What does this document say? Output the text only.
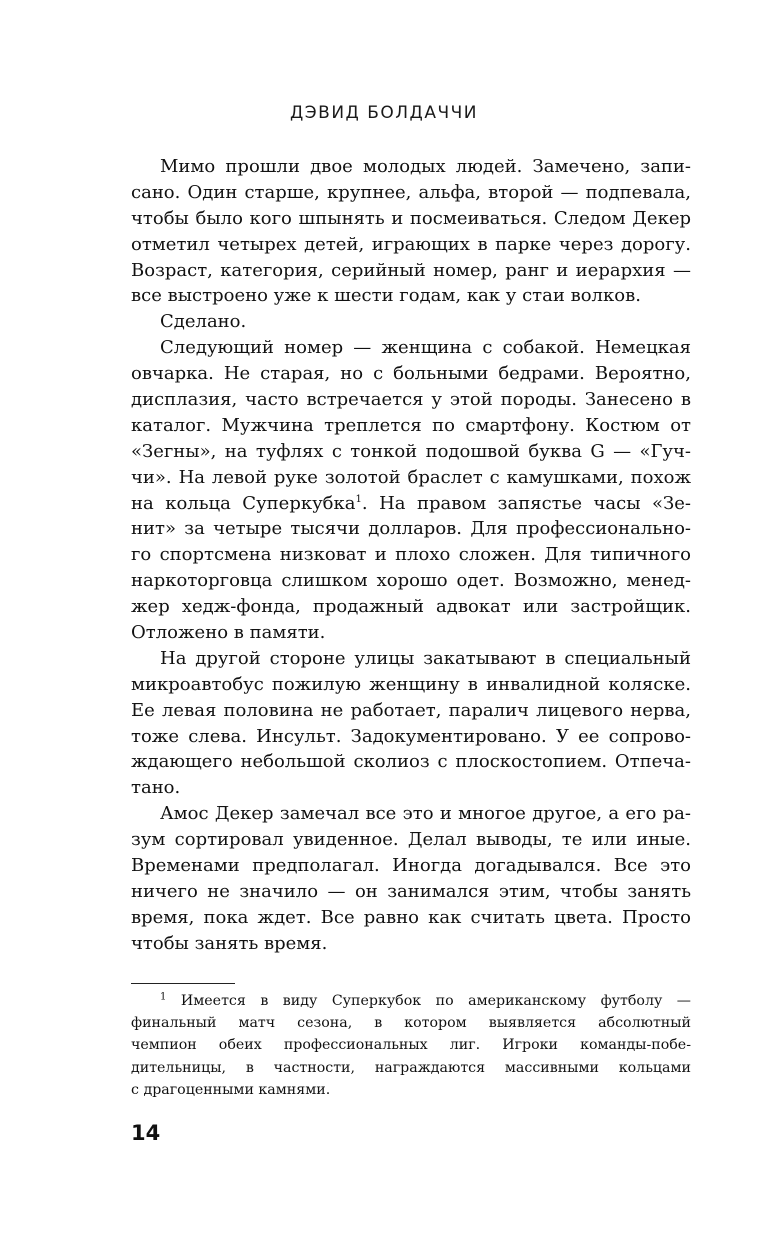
ДЭВИД БОЛДАЧЧИ
Мимо прошли двое молодых людей. Замечено, запи-
сано. Один старше, крупнее, альфа, второй — подпевала,
чтобы было кого шпынять и посмеиваться. Следом Декер
отметил четырех детей, играющих в парке через дорогу.
Возраст, категория, серийный номер, ранг и иерархия —
все выстроено уже к шести годам, как у стаи волков.
Сделано.
Следующий номер — женщина с собакой. Немецкая
овчарка. Не старая, но с больными бедрами. Вероятно,
дисплазия, часто встречается у этой породы. Занесено в
каталог. Мужчина треплется по смартфону. Костюм от
«Зегны», на туфлях с тонкой подошвой буква G — «Гуч-
чи». На левой руке золотой браслет с камушками, похож
на кольца Суперкубка$^1$. На правом запястье часы «Зе-
нит» за четыре тысячи долларов. Для профессионально-
го спортсмена низковат и плохо сложен. Для типичного
наркоторговца слишком хорошо одет. Возможно, менед-
жер хедж-фонда, продажный адвокат или застройщик.
Отложено в памяти.
На другой стороне улицы закатывают в специальный
микроавтобус пожилую женщину в инвалидной коляске.
Ее левая половина не работает, паралич лицевого нерва,
тоже слева. Инсульт. Задокументировано. У ее сопрово-
ждающего небольшой сколиоз с плоскостопием. Отпеча-
тано.
Амос Декер замечал все это и многое другое, а его ра-
зум сортировал увиденное. Делал выводы, те или иные.
Временами предполагал. Иногда догадывался. Все это
ничего не значило — он занимался этим, чтобы занять
время, пока ждет. Все равно как считать цвета. Просто
чтобы занять время.
$^1$ Имеется в виду Суперкубок по американскому футболу —
финальный матч сезона, в котором выявляется абсолютный
чемпион обеих профессиональных лиг. Игроки команды-побе-
дительницы, в частности, награждаются массивными кольцами
с драгоценными камнями.
14
